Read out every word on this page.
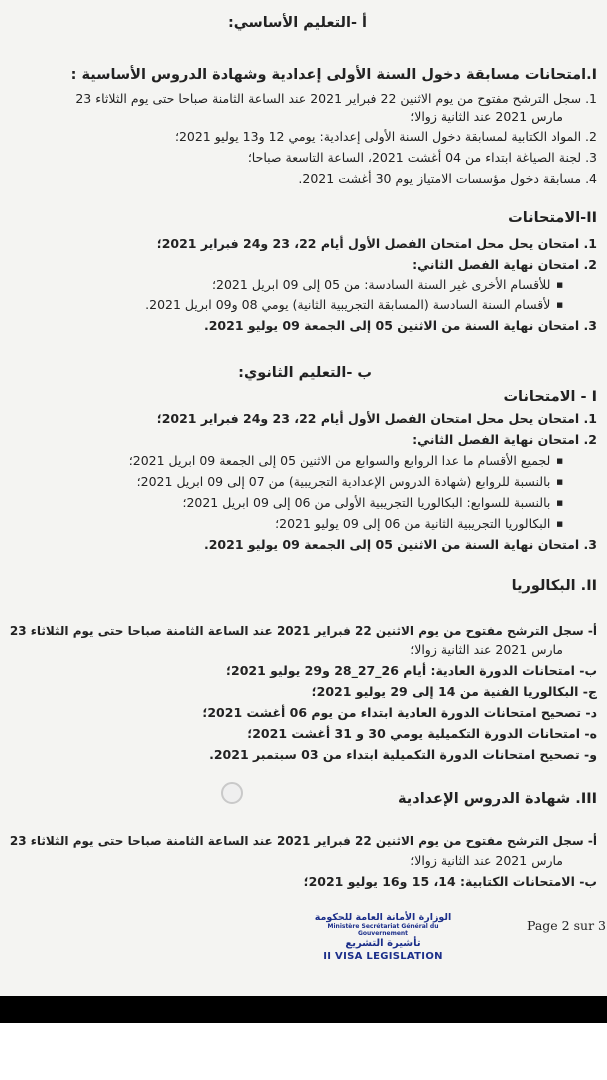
أ -التعليم الأساسي:
I.امتحانات مسابقة دخول السنة الأولى إعدادية وشهادة الدروس الأساسية :
1. سجل الترشح مفتوح من يوم الاثنين 22 فبراير 2021 عند الساعة الثامنة صباحا حتى يوم الثلاثاء 23
مارس 2021 عند الثانية زوالا؛
2. المواد الكتابية لمسابقة دخول السنة الأولى إعدادية: يومي 12 و13 يوليو 2021؛
3. لجنة الصياغة ابتداء من 04 أغشت 2021، الساعة التاسعة صباحا؛
4. مسابقة دخول مؤسسات الامتياز يوم 30 أغشت 2021.
II-الامتحانات
1. امتحان يحل محل امتحان الفصل الأول أيام 22، 23 و24 فبراير 2021؛
2. امتحان نهاية الفصل الثاني:
■للأقسام الأخرى غير السنة السادسة: من 05 إلى 09 ابريل 2021؛
■لأقسام السنة السادسة (المسابقة التجريبية الثانية) يومي 08 و09 ابريل 2021.
3. امتحان نهاية السنة من الاثنين 05 إلى الجمعة 09 يوليو 2021.
ب -التعليم الثانوي:
I - الامتحانات
1. امتحان يحل محل امتحان الفصل الأول أيام 22، 23 و24 فبراير 2021؛
2. امتحان نهاية الفصل الثاني:
■لجميع الأقسام ما عدا الروابع والسوابع من الاثنين 05 إلى الجمعة 09 ابريل 2021؛
■بالنسبة للروابع (شهادة الدروس الإعدادية التجريبية) من 07 إلى 09 ابريل 2021؛
■بالنسبة للسوابع: البكالوريا التجريبية الأولى من 06 إلى 09 ابريل 2021؛
■البكالوريا التجريبية الثانية من 06 إلى 09 يوليو 2021؛
3. امتحان نهاية السنة من الاثنين 05 إلى الجمعة 09 يوليو 2021.
II. البكالوريا
أ- سجل الترشح مفتوح من يوم الاثنين 22 فبراير 2021 عند الساعة الثامنة صباحا حتى يوم الثلاثاء 23
مارس 2021 عند الثانية زوالا؛
ب- امتحانات الدورة العادية: أيام 26_27_28 و29 يوليو 2021؛
ج- البكالوريا الفنية من 14 إلى 29 يوليو 2021؛
د- تصحيح امتحانات الدورة العادية ابتداء من يوم 06 أغشت 2021؛
ه- امتحانات الدورة التكميلية يومي 30 و 31 أغشت 2021؛
و- تصحيح امتحانات الدورة التكميلية ابتداء من 03 سبتمبر 2021.
III. شهادة الدروس الإعدادية
أ- سجل الترشح مفتوح من يوم الاثنين 22 فبراير 2021 عند الساعة الثامنة صباحا حتى يوم الثلاثاء 23
مارس 2021 عند الثانية زوالا؛
ب- الامتحانات الكتابية: 14، 15 و16 يوليو 2021؛
Page 2 sur 3
الوزارة الأمانة العامة للحكومة
Ministère Secrétariat Général du Gouvernement
تأشيرة التشريع
II VISA LEGISLATION
